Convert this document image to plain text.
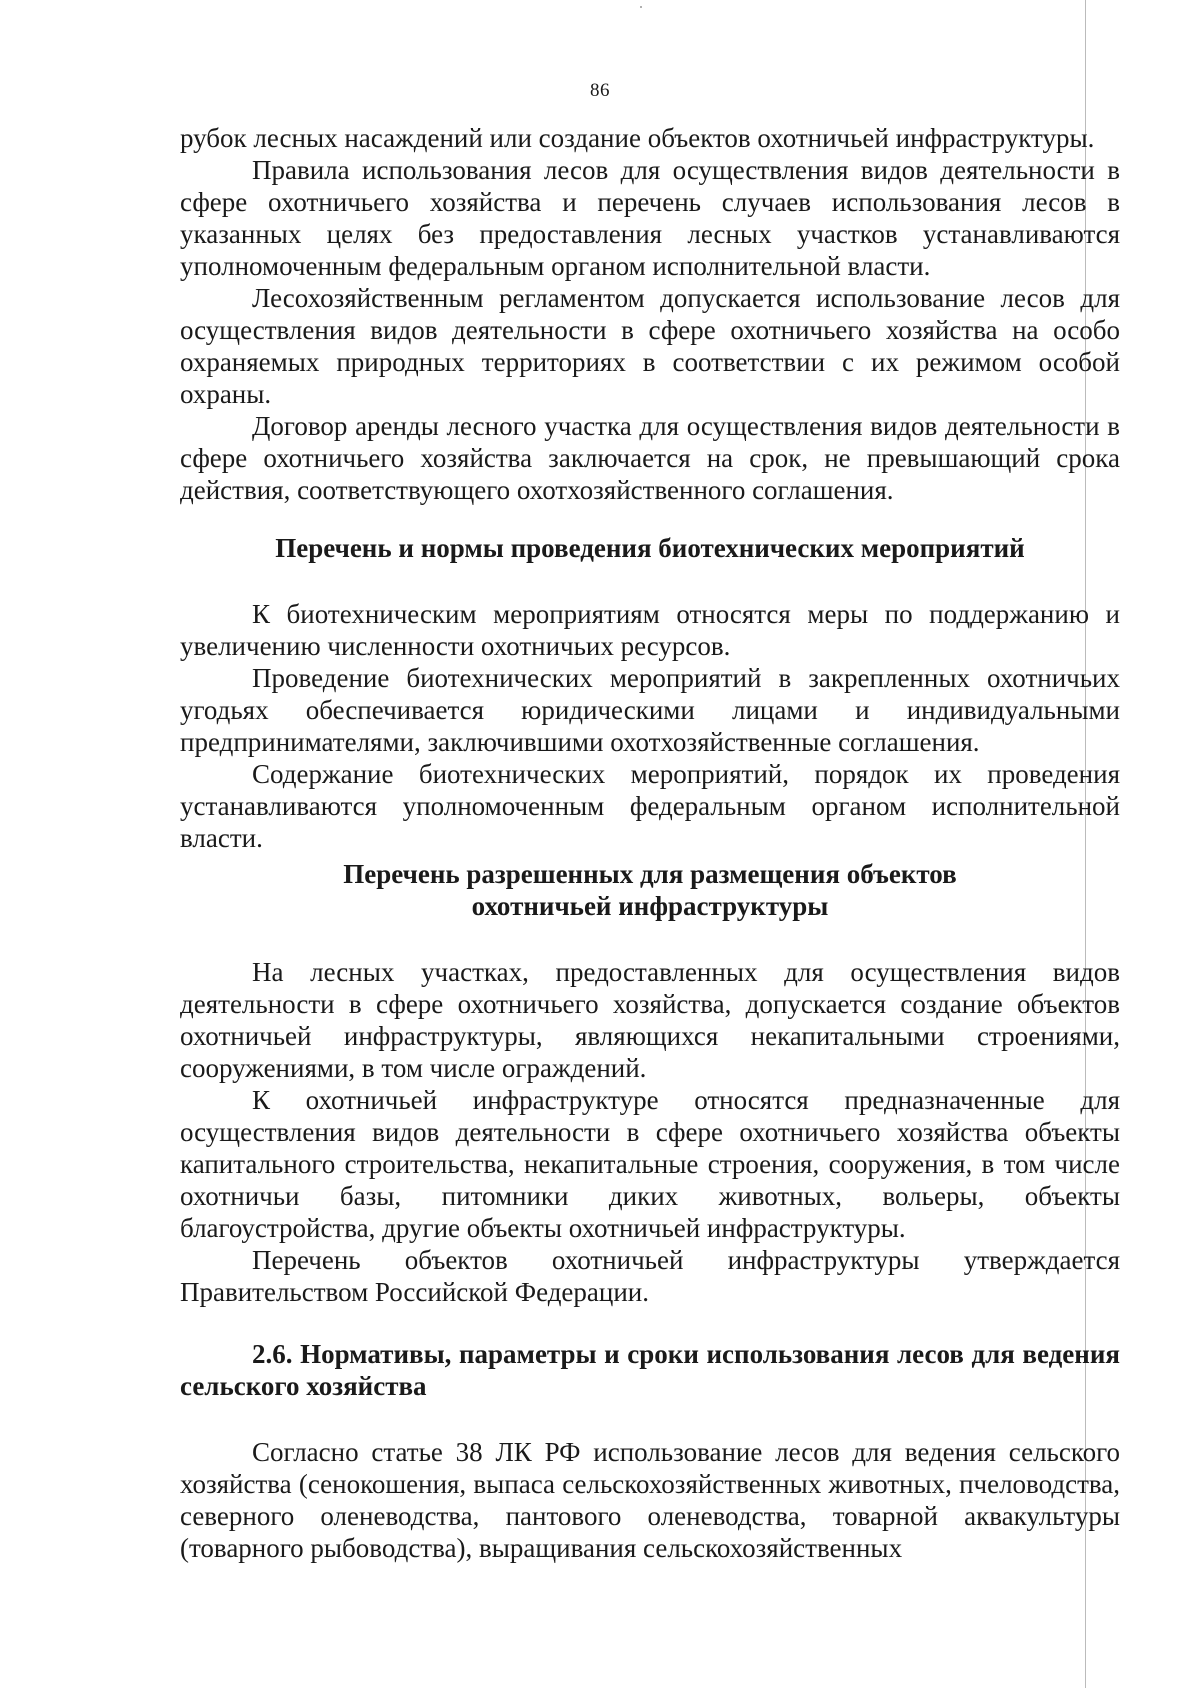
86

рубок лесных насаждений или создание объектов охотничьей инфраструктуры.

Правила использования лесов для осуществления видов деятельности в сфере охотничьего хозяйства и перечень случаев использования лесов в указанных целях без предоставления лесных участков устанавливаются уполномоченным федеральным органом исполнительной власти.

Лесохозяйственным регламентом допускается использование лесов для осуществления видов деятельности в сфере охотничьего хозяйства на особо охраняемых природных территориях в соответствии с их режимом особой охраны.

Договор аренды лесного участка для осуществления видов деятельности в сфере охотничьего хозяйства заключается на срок, не превышающий срока действия, соответствующего охотхозяйственного соглашения.

Перечень и нормы проведения биотехнических мероприятий

К биотехническим мероприятиям относятся меры по поддержанию и увеличению численности охотничьих ресурсов.

Проведение биотехнических мероприятий в закрепленных охотничьих угодьях обеспечивается юридическими лицами и индивидуальными предпринимателями, заключившими охотхозяйственные соглашения.

Содержание биотехнических мероприятий, порядок их проведения устанавливаются уполномоченным федеральным органом исполнительной власти.

Перечень разрешенных для размещения объектов
охотничьей инфраструктуры

На лесных участках, предоставленных для осуществления видов деятельности в сфере охотничьего хозяйства, допускается создание объектов охотничьей инфраструктуры, являющихся некапитальными строениями, сооружениями, в том числе ограждений.

К охотничьей инфраструктуре относятся предназначенные для осуществления видов деятельности в сфере охотничьего хозяйства объекты капитального строительства, некапитальные строения, сооружения, в том числе охотничьи базы, питомники диких животных, вольеры, объекты благоустройства, другие объекты охотничьей инфраструктуры.

Перечень объектов охотничьей инфраструктуры утверждается Правительством Российской Федерации.

2.6. Нормативы, параметры и сроки использования лесов для ведения сельского хозяйства

Согласно статье 38 ЛК РФ использование лесов для ведения сельского хозяйства (сенокошения, выпаса сельскохозяйственных животных, пчеловодства, северного оленеводства, пантового оленеводства, товарной аквакультуры (товарного рыбоводства), выращивания сельскохозяйственных
